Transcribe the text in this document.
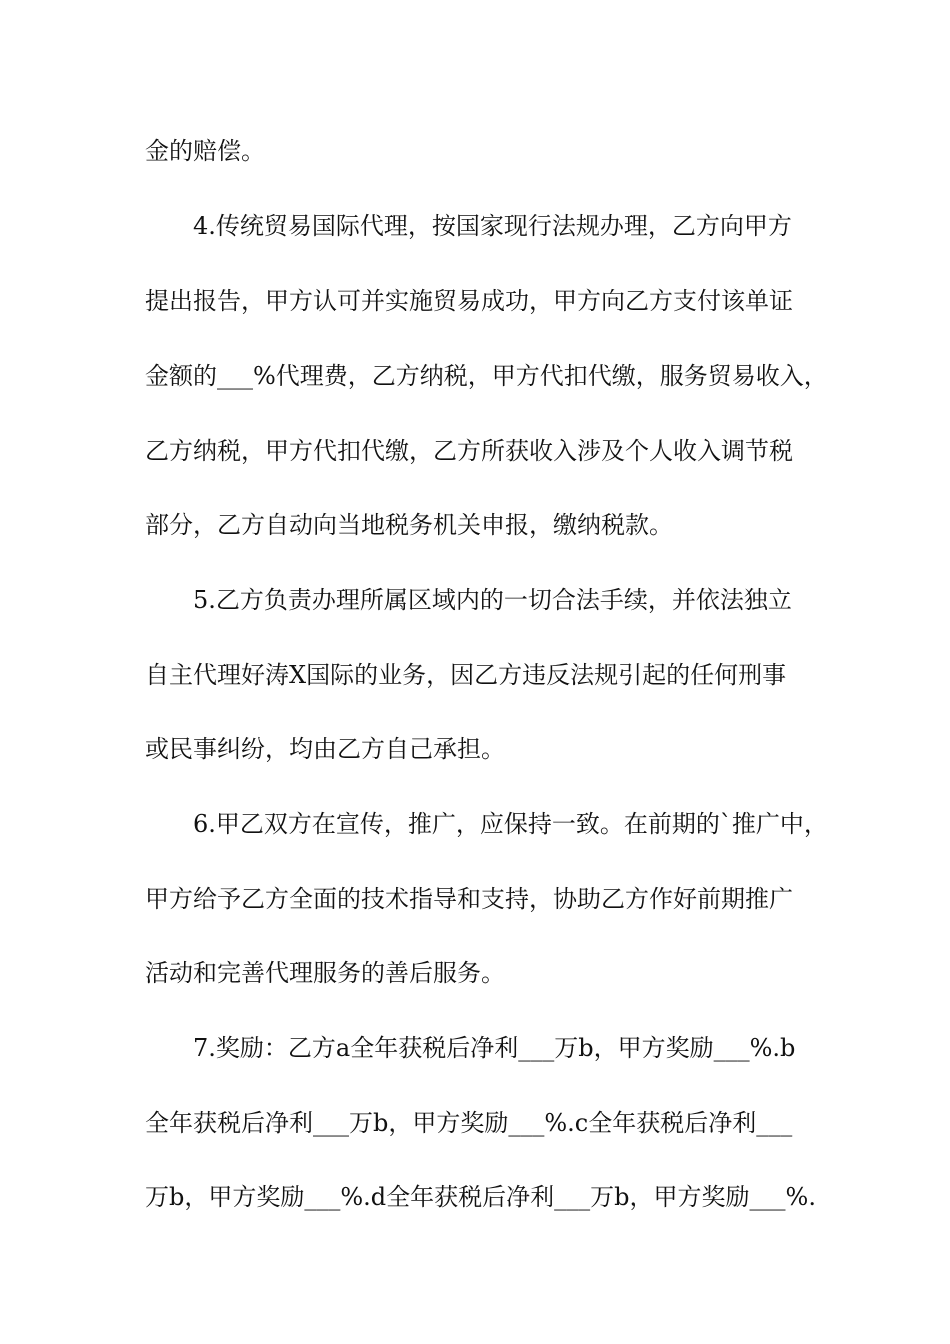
金的赔偿。
4.传统贸易国际代理，按国家现行法规办理，乙方向甲方
提出报告，甲方认可并实施贸易成功，甲方向乙方支付该单证
金额的___%代理费，乙方纳税，甲方代扣代缴，服务贸易收入，
乙方纳税，甲方代扣代缴，乙方所获收入涉及个人收入调节税
部分，乙方自动向当地税务机关申报，缴纳税款。
5.乙方负责办理所属区域内的一切合法手续，并依法独立
自主代理好涛X国际的业务，因乙方违反法规引起的任何刑事
或民事纠纷，均由乙方自己承担。
6.甲乙双方在宣传，推广，应保持一致。在前期的`推广中，
甲方给予乙方全面的技术指导和支持，协助乙方作好前期推广
活动和完善代理服务的善后服务。
7.奖励：乙方a全年获税后净利___万b，甲方奖励___%.b
全年获税后净利___万b，甲方奖励___%.c全年获税后净利___
万b，甲方奖励___%.d全年获税后净利___万b，甲方奖励___%.
